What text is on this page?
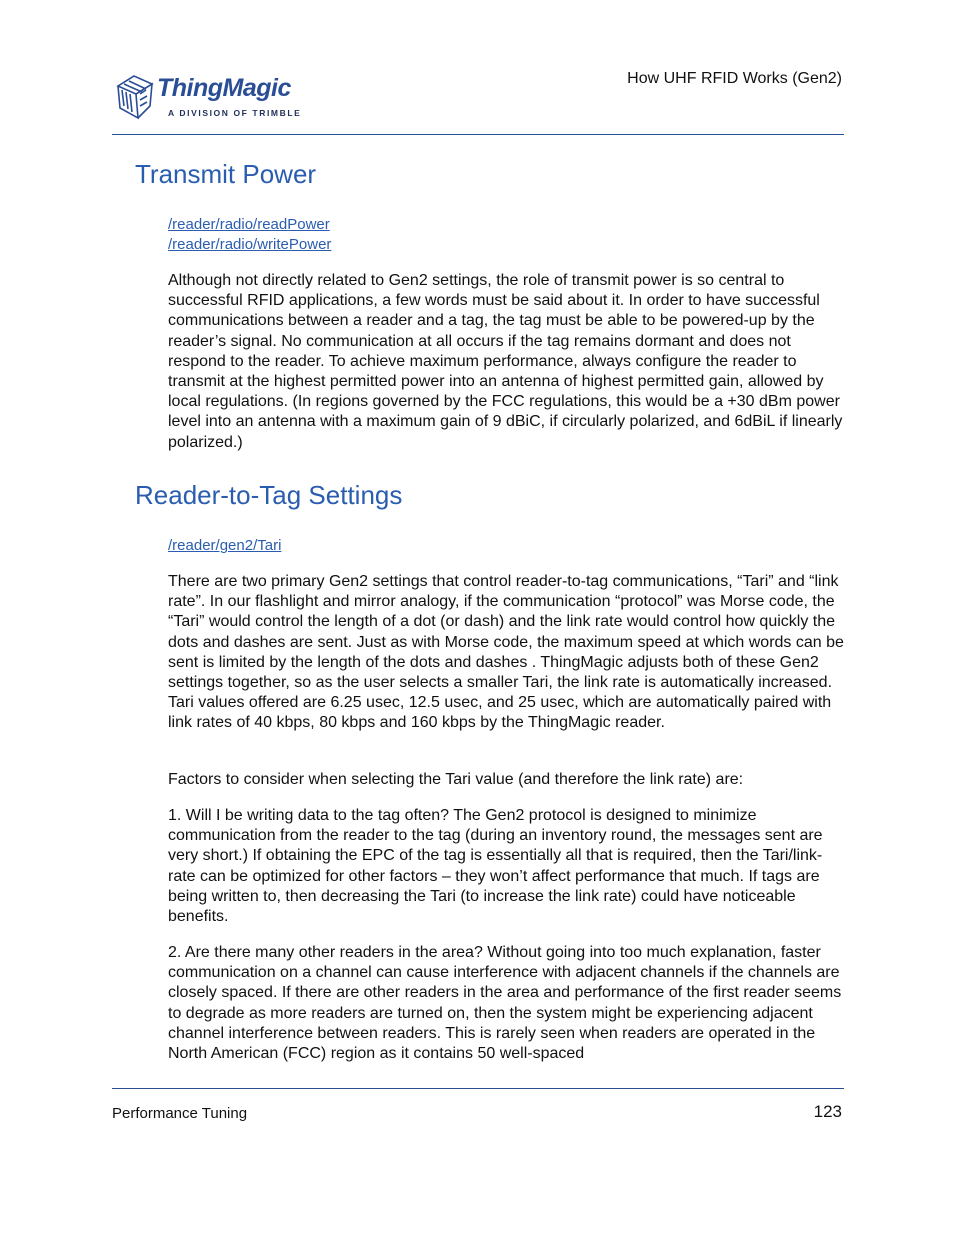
How UHF RFID Works (Gen2)
ThingMagic
A DIVISION OF TRIMBLE
Transmit Power
/reader/radio/readPower
/reader/radio/writePower

Although not directly related to Gen2 settings, the role of transmit power is so central to successful RFID applications, a few words must be said about it. In order to have successful communications between a reader and a tag, the tag must be able to be powered-up by the reader’s signal. No communication at all occurs if the tag remains dormant and does not respond to the reader. To achieve maximum performance, always configure the reader to transmit at the highest permitted power into an antenna of highest permitted gain, allowed by local regulations. (In regions governed by the FCC regulations, this would be a +30 dBm power level into an antenna with a maximum gain of 9 dBiC, if circularly polarized, and 6dBiL if linearly polarized.)

Reader-to-Tag Settings
/reader/gen2/Tari

There are two primary Gen2 settings that control reader-to-tag communications, “Tari” and “link rate”. In our flashlight and mirror analogy, if the communication “protocol” was Morse code, the “Tari” would control the length of a dot (or dash) and the link rate would control how quickly the dots and dashes are sent. Just as with Morse code, the maximum speed at which words can be sent is limited by the length of the dots and dashes . ThingMagic adjusts both of these Gen2 settings together, so as the user selects a smaller Tari, the link rate is automatically increased. Tari values offered are 6.25 usec, 12.5 usec, and 25 usec, which are automatically paired with link rates of 40 kbps, 80 kbps and 160 kbps by the ThingMagic reader.

Factors to consider when selecting the Tari value (and therefore the link rate) are:

1. Will I be writing data to the tag often? The Gen2 protocol is designed to minimize communication from the reader to the tag (during an inventory round, the messages sent are very short.) If obtaining the EPC of the tag is essentially all that is required, then the Tari/link- rate can be optimized for other factors – they won’t affect performance that much. If tags are being written to, then decreasing the Tari (to increase the link rate) could have noticeable benefits.

2. Are there many other readers in the area? Without going into too much explanation, faster communication on a channel can cause interference with adjacent channels if the channels are closely spaced. If there are other readers in the area and performance of the first reader seems to degrade as more readers are turned on, then the system might be experiencing adjacent channel interference between readers. This is rarely seen when readers are operated in the North American (FCC) region as it contains 50 well-spaced

Performance Tuning	123
